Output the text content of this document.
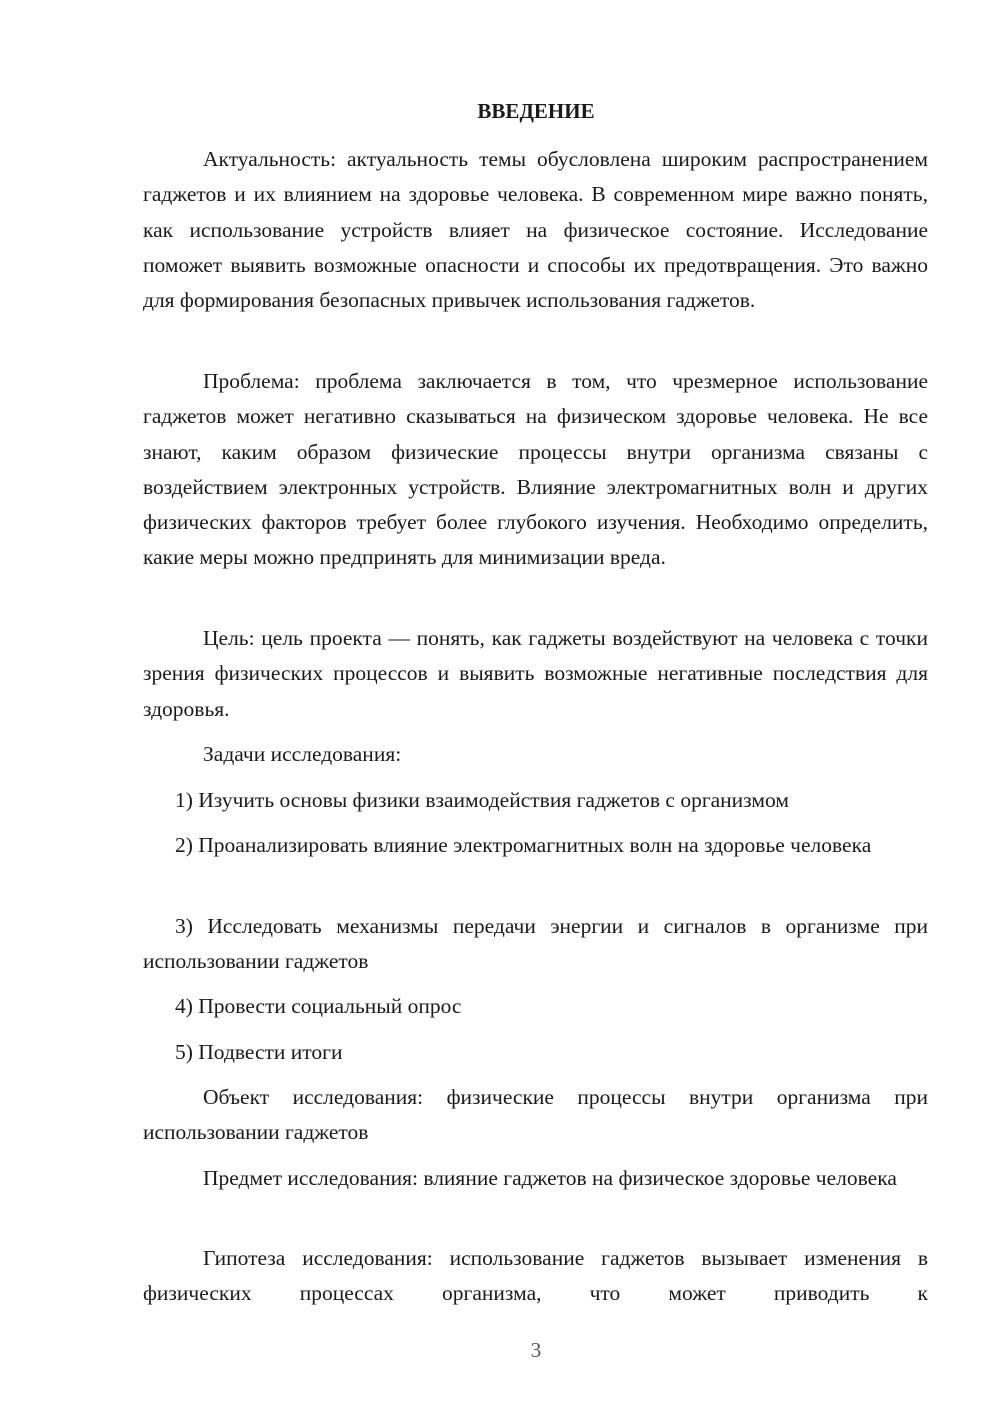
ВВЕДЕНИЕ

Актуальность: актуальность темы обусловлена широким распространением гаджетов и их влиянием на здоровье человека. В современном мире важно понять, как использование устройств влияет на физическое состояние. Исследование поможет выявить возможные опасности и способы их предотвращения. Это важно для формирования безопасных привычек использования гаджетов.

Проблема: проблема заключается в том, что чрезмерное использование гаджетов может негативно сказываться на физическом здоровье человека. Не все знают, каким образом физические процессы внутри организма связаны с воздействием электронных устройств. Влияние электромагнитных волн и других физических факторов требует более глубокого изучения. Необходимо определить, какие меры можно предпринять для минимизации вреда.

Цель: цель проекта — понять, как гаджеты воздействуют на человека с точки зрения физических процессов и выявить возможные негативные последствия для здоровья.

Задачи исследования:

1) Изучить основы физики взаимодействия гаджетов с организмом

2) Проанализировать влияние электромагнитных волн на здоровье человека

3) Исследовать механизмы передачи энергии и сигналов в организме при использовании гаджетов

4) Провести социальный опрос

5) Подвести итоги

Объект исследования: физические процессы внутри организма при использовании гаджетов

Предмет исследования: влияние гаджетов на физическое здоровье человека

Гипотеза исследования: использование гаджетов вызывает изменения в физических процессах организма, что может приводить к

3
